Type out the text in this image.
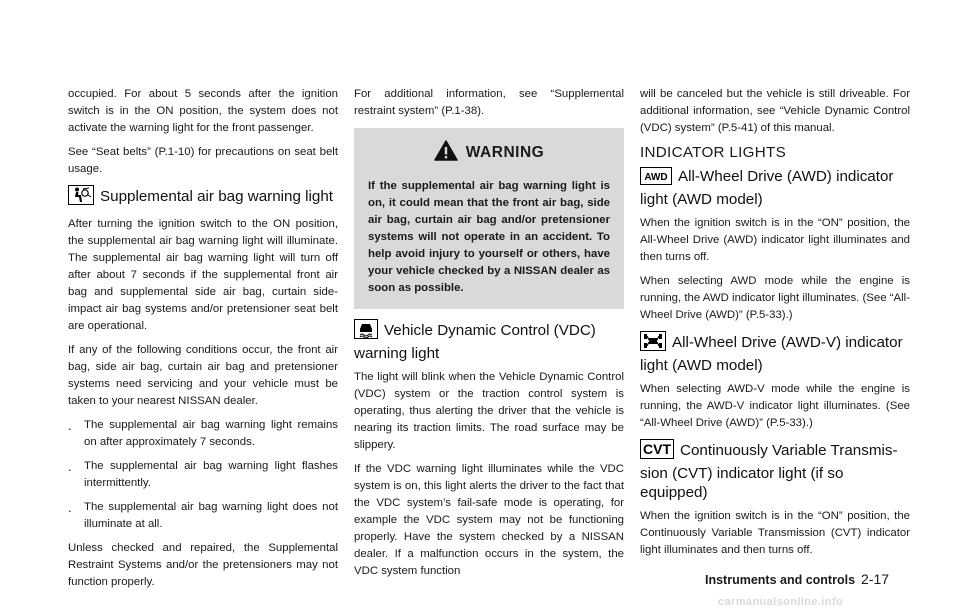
occupied. For about 5 seconds after the ignition switch is in the ON position, the system does not activate the warning light for the front passenger.

See “Seat belts” (P.1-10) for precautions on seat belt usage.

Supplemental air bag warning light

After turning the ignition switch to the ON position, the supplemental air bag warning light will illuminate. The supplemental air bag warning light will turn off after about 7 seconds if the supplemental front air bag and supplemental side air bag, curtain side-impact air bag systems and/or pretensioner seat belt are operational.

If any of the following conditions occur, the front air bag, side air bag, curtain air bag and pretensioner systems need servicing and your vehicle must be taken to your nearest NISSAN dealer.

.	The supplemental air bag warning light remains on after approximately 7 seconds.
.	The supplemental air bag warning light flashes intermittently.
.	The supplemental air bag warning light does not illuminate at all.

Unless checked and repaired, the Supplemental Restraint Systems and/or the pretensioners may not function properly.

For additional information, see “Supplemental restraint system” (P.1-38).

WARNING
If the supplemental air bag warning light is on, it could mean that the front air bag, side air bag, curtain air bag and/or pretensioner systems will not operate in an accident. To help avoid injury to yourself or others, have your vehicle checked by a NISSAN dealer as soon as possible.
Vehicle Dynamic Control (VDC) warning light

The light will blink when the Vehicle Dynamic Control (VDC) system or the traction control system is operating, thus alerting the driver that the vehicle is nearing its traction limits. The road surface may be slippery.

If the VDC warning light illuminates while the VDC system is on, this light alerts the driver to the fact that the VDC system’s fail-safe mode is operating, for example the VDC system may not be functioning properly. Have the system checked by a NISSAN dealer. If a malfunction occurs in the system, the VDC system function

will be canceled but the vehicle is still driveable. For additional information, see “Vehicle Dynamic Control (VDC) system” (P.5-41) of this manual.

INDICATOR LIGHTS
AWD All-Wheel Drive (AWD) indicator light (AWD model)

When the ignition switch is in the “ON” position, the All-Wheel Drive (AWD) indicator light illuminates and then turns off.

When selecting AWD mode while the engine is running, the AWD indicator light illuminates. (See “All-Wheel Drive (AWD)” (P.5-33).)

All-Wheel Drive (AWD-V) indicator light (AWD model)

When selecting AWD-V mode while the engine is running, the AWD-V indicator light illuminates. (See “All-Wheel Drive (AWD)” (P.5-33).)

CVT Continuously Variable Transmis-sion (CVT) indicator light (if so equipped)

When the ignition switch is in the “ON” position, the Continuously Variable Transmission (CVT) indicator light illuminates and then turns off.

Instruments and controls 2-17
carmanualsonline.info
